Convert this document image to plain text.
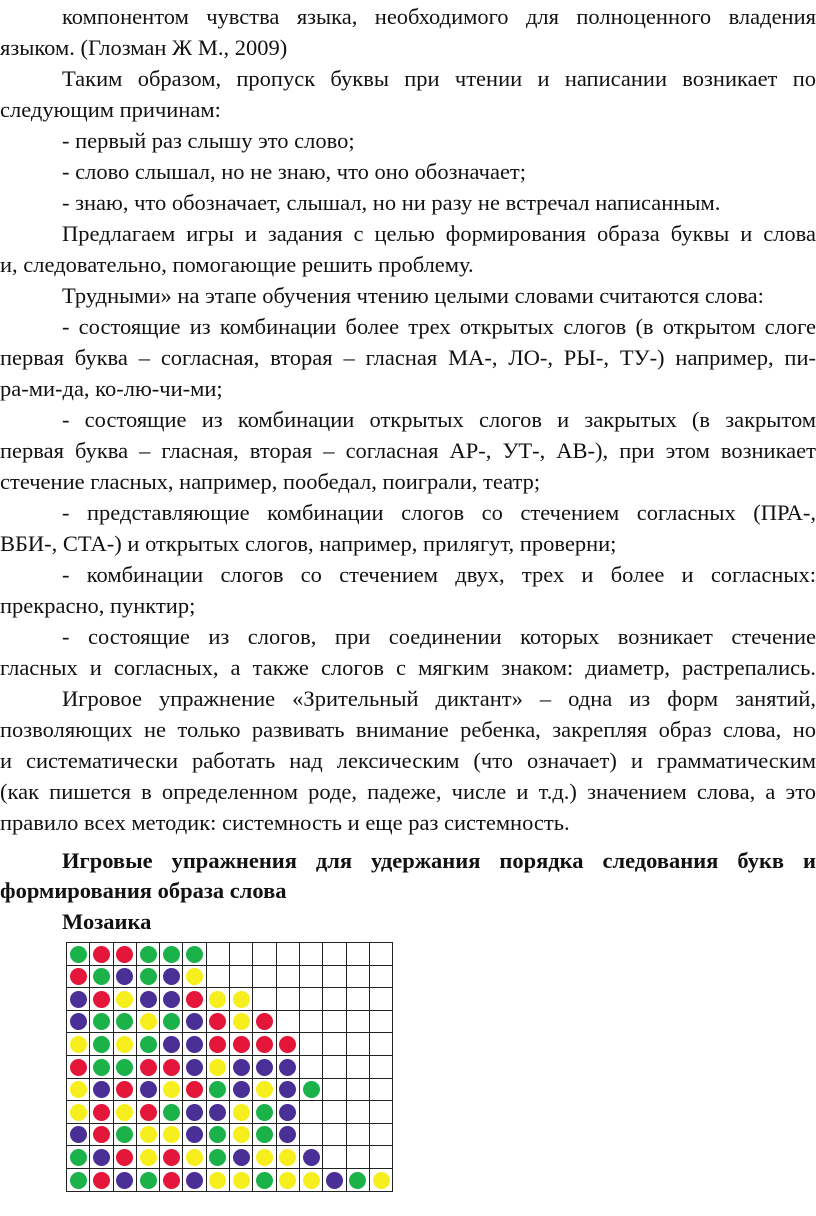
компонентом чувства языка, необходимого для полноценного владения
языком. (Глозман Ж М., 2009)
Таким образом, пропуск буквы при чтении и написании возникает по
следующим причинам:
- первый раз слышу это слово;
- слово слышал, но не знаю, что оно обозначает;
- знаю, что обозначает, слышал, но ни разу не встречал написанным.
Предлагаем игры и задания с целью формирования образа буквы и слова
и, следовательно, помогающие решить проблему.
Трудными» на этапе обучения чтению целыми словами считаются слова:
- состоящие из комбинации более трех открытых слогов (в открытом слоге
первая буква – согласная, вторая – гласная МА-, ЛО-, РЫ-, ТУ-) например, пи-
ра-ми-да, ко-лю-чи-ми;
- состоящие из комбинации открытых слогов и закрытых (в закрытом
первая буква – гласная, вторая – согласная АР-, УТ-, АВ-), при этом возникает
стечение гласных, например, пообедал, поиграли, театр;
- представляющие комбинации слогов со стечением согласных (ПРА-,
ВБИ-, СТА-) и открытых слогов, например, прилягут, проверни;
- комбинации слогов со стечением двух, трех и более и согласных:
прекрасно, пунктир;
- состоящие из слогов, при соединении которых возникает стечение
гласных и согласных, а также слогов с мягким знаком: диаметр, растрепались.
Игровое упражнение «Зрительный диктант» – одна из форм занятий,
позволяющих не только развивать внимание ребенка, закрепляя образ слова, но
и систематически работать над лексическим (что означает) и грамматическим
(как пишется в определенном роде, падеже, числе и т.д.) значением слова, а это
правило всех методик: системность и еще раз системность.
Игровые упражнения для удержания порядка следования букв и
формирования образа слова
Мозаика
